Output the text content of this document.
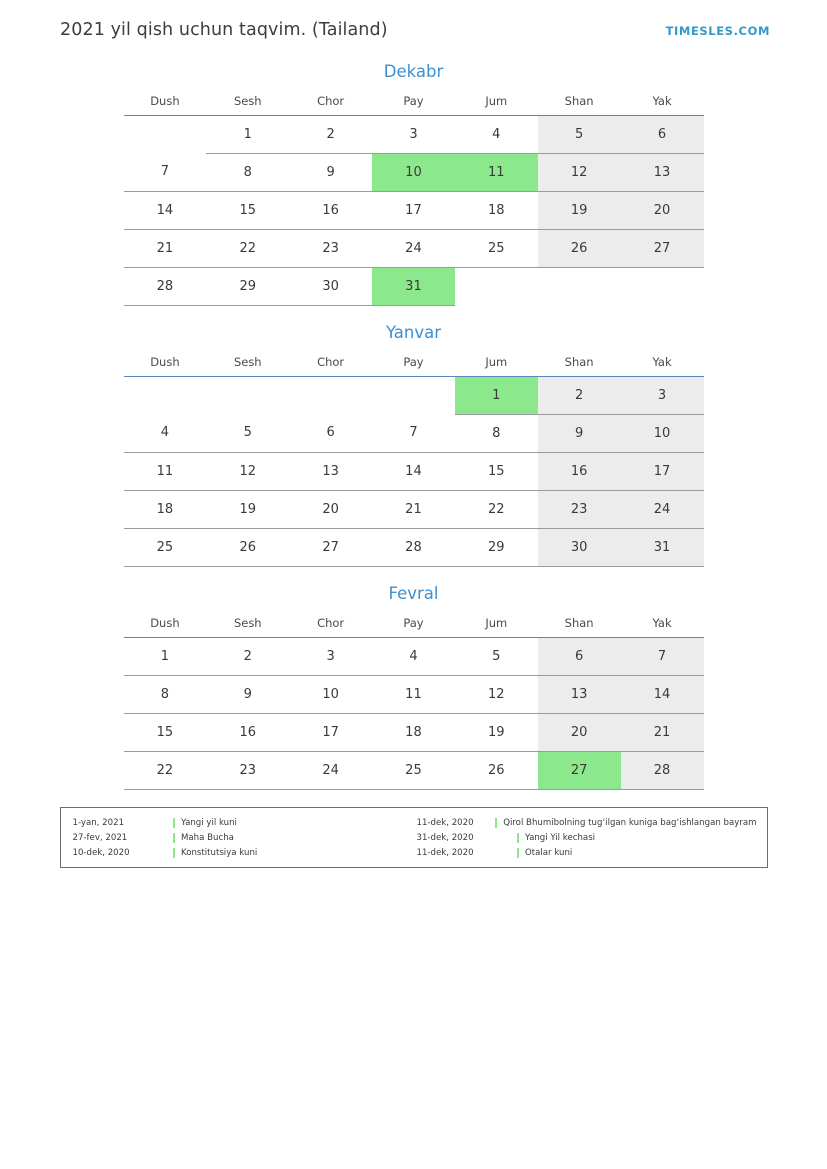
2021 yil qish uchun taqvim. (Tailand)	TIMESLES.COM
Dekabr
Dush	Sesh	Chor	Pay	Jum	Shan	Yak

	1	2	3	4	5	6

7	8	9	10	11	12	13

14	15	16	17	18	19	20

21	22	23	24	25	26	27

28	29	30	31			

Yanvar
Dush	Sesh	Chor	Pay	Jum	Shan	Yak

				1	2	3

4	5	6	7	8	9	10

11	12	13	14	15	16	17

18	19	20	21	22	23	24

25	26	27	28	29	30	31
Fevral
Dush	Sesh	Chor	Pay	Jum	Shan	Yak

1	2	3	4	5	6	7

8	9	10	11	12	13	14

15	16	17	18	19	20	21

22	23	24	25	26	27	28
1-yan, 2021	Yangi yil kuni
27-fev, 2021	Maha Bucha
10-dek, 2020	Konstitutsiya kuni
11-dek, 2020	Qirol Bhumibolning tug‘ilgan kuniga bag‘ishlangan bayram
31-dek, 2020	Yangi Yil kechasi
11-dek, 2020	Otalar kuni
